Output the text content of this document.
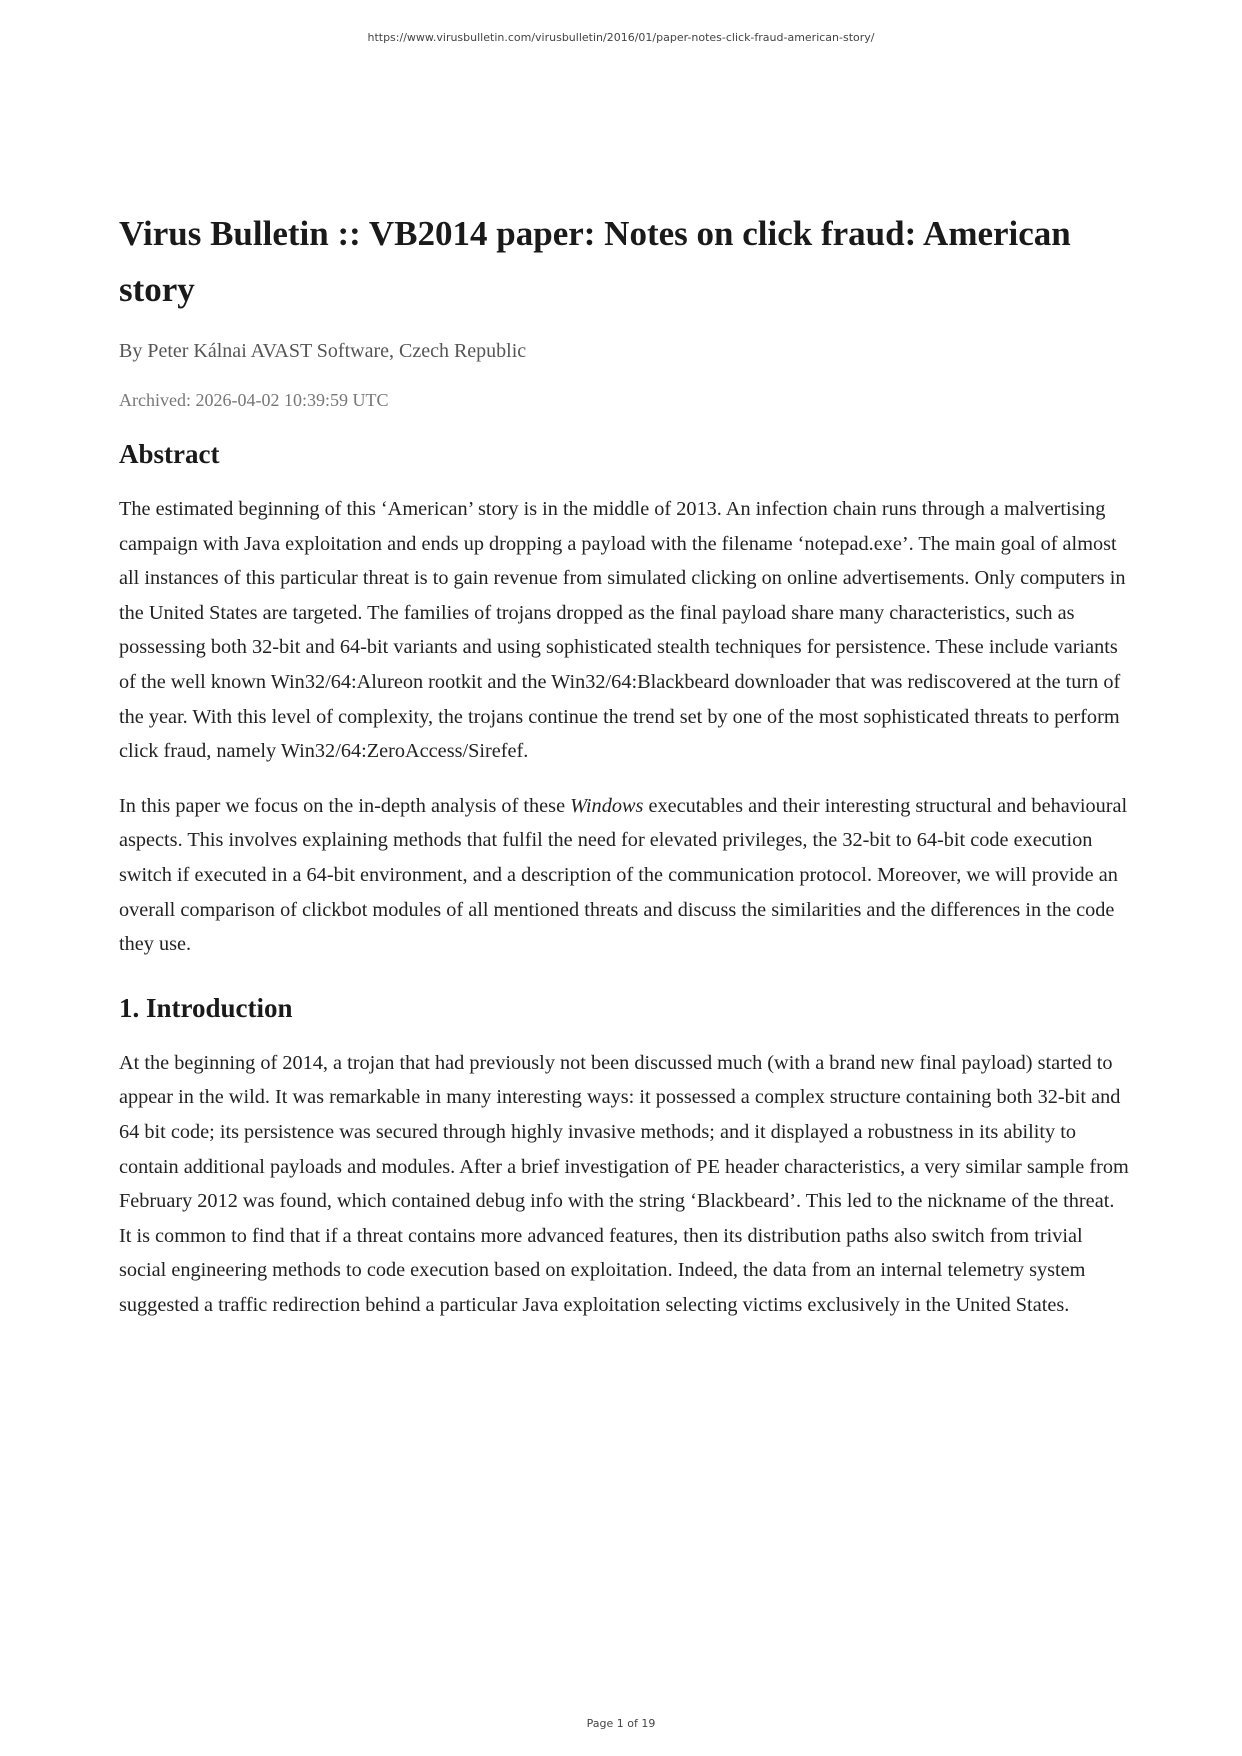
https://www.virusbulletin.com/virusbulletin/2016/01/paper-notes-click-fraud-american-story/
Virus Bulletin :: VB2014 paper: Notes on click fraud: American story
By Peter Kálnai AVAST Software, Czech Republic
Archived: 2026-04-02 10:39:59 UTC
Abstract

The estimated beginning of this ‘American’ story is in the middle of 2013. An infection chain runs through a malvertising campaign with Java exploitation and ends up dropping a payload with the filename ‘notepad.exe’. The main goal of almost all instances of this particular threat is to gain revenue from simulated clicking on online advertisements. Only computers in the United States are targeted. The families of trojans dropped as the final payload share many characteristics, such as possessing both 32-bit and 64-bit variants and using sophisticated stealth techniques for persistence. These include variants of the well known Win32/64:Alureon rootkit and the Win32/64:Blackbeard downloader that was rediscovered at the turn of the year. With this level of complexity, the trojans continue the trend set by one of the most sophisticated threats to perform click fraud, namely Win32/64:ZeroAccess/Sirefef.

In this paper we focus on the in-depth analysis of these Windows executables and their interesting structural and behavioural aspects. This involves explaining methods that fulfil the need for elevated privileges, the 32-bit to 64-bit code execution switch if executed in a 64-bit environment, and a description of the communication protocol. Moreover, we will provide an overall comparison of clickbot modules of all mentioned threats and discuss the similarities and the differences in the code they use.

1. Introduction

At the beginning of 2014, a trojan that had previously not been discussed much (with a brand new final payload) started to appear in the wild. It was remarkable in many interesting ways: it possessed a complex structure containing both 32-bit and 64 bit code; its persistence was secured through highly invasive methods; and it displayed a robustness in its ability to contain additional payloads and modules. After a brief investigation of PE header characteristics, a very similar sample from February 2012 was found, which contained debug info with the string ‘Blackbeard’. This led to the nickname of the threat. It is common to find that if a threat contains more advanced features, then its distribution paths also switch from trivial social engineering methods to code execution based on exploitation. Indeed, the data from an internal telemetry system suggested a traffic redirection behind a particular Java exploitation selecting victims exclusively in the United States.

Page 1 of 19
